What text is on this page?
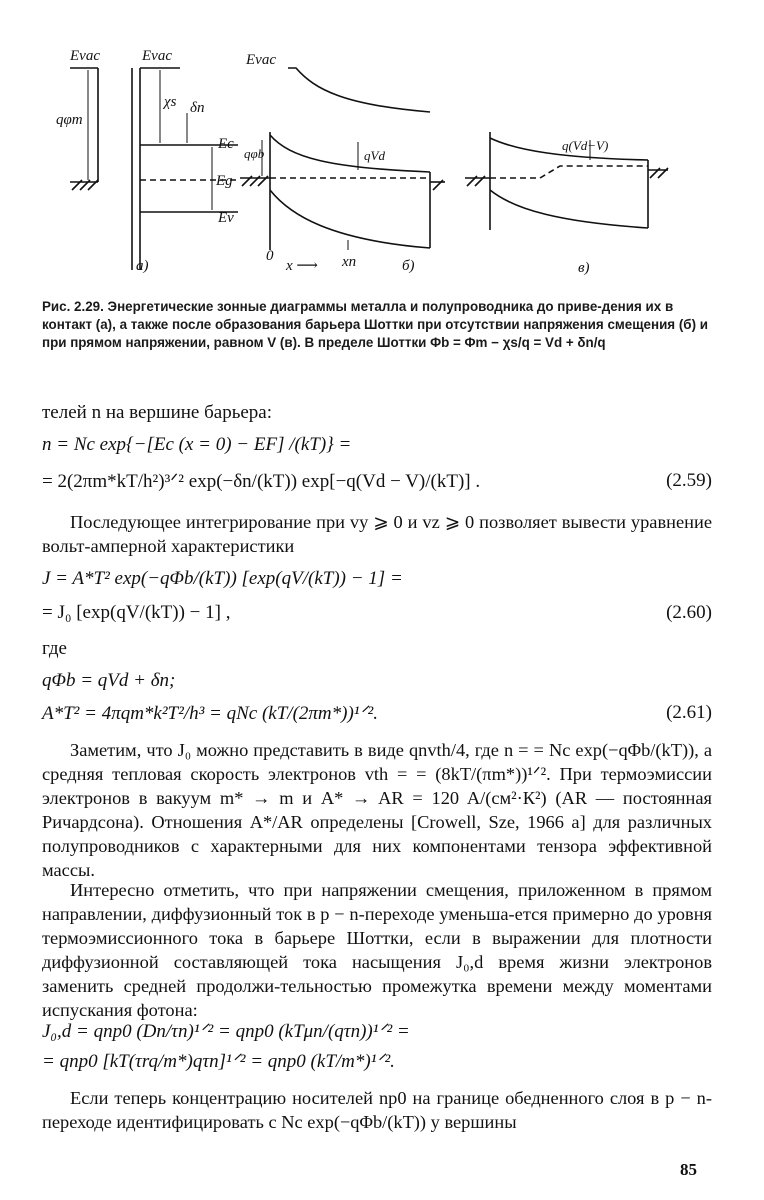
Evac	Evac	Evac
qφm
χs δn
Ec
Eg
Ev
qφb	qVd
q(Vd−V)
0
x ⟶ xn
a)	б)	в)
Рис. 2.29. Энергетические зонные диаграммы металла и полупроводника до приве-дения их в контакт (а), а также после образования барьера Шоттки при отсутствии напряжения смещения (б) и при прямом напряжении, равном V (в). В пределе Шоттки Φb = Φm − χs/q = Vd + δn/q
телей n на вершине барьера:
n = Nc exp{−[Ec (x = 0) − EF] /(kT)} =
= 2(2πm*kT/h²)³ᐟ² exp(−δn/(kT)) exp[−q(Vd − V)/(kT)] .	(2.59)
Последующее интегрирование при vy ⩾ 0 и vz ⩾ 0 позволяет вывести уравнение вольт-амперной характеристики
J = A*T² exp(−qΦb/(kT)) [exp(qV/(kT)) − 1] =
= J₀ [exp(qV/(kT)) − 1] ,	(2.60)
где
qΦb = qVd + δn;
A*T² = 4πqm*k²T²/h³ = qNc (kT/(2πm*))¹ᐟ².	(2.61)
Заметим, что J₀ можно представить в виде qnvth/4, где n = = Nc exp(−qΦb/(kT)), а средняя тепловая скорость электронов vth = = (8kT/(πm*))¹ᐟ². При термоэмиссии электронов в вакуум m* → m и A* → AR = 120 A/(см²·К²) (AR — постоянная Ричардсона). Отношения A*/AR определены [Crowell, Sze, 1966 a] для различных полупроводников с характерными для них компонентами тензора эффективной массы.
Интересно отметить, что при напряжении смещения, приложенном в прямом направлении, диффузионный ток в p − n-переходе уменьша-ется примерно до уровня термоэмиссионного тока в барьере Шоттки, если в выражении для плотности диффузионной составляющей тока насыщения J₀,d время жизни электронов заменить средней продолжи-тельностью промежутка времени между моментами испускания фотона:
J₀,d = qnp0 (Dn/τn)¹ᐟ² = qnp0 (kTμn/(qτn))¹ᐟ² =
= qnp0 [kT(τrq/m*)qτn]¹ᐟ² = qnp0 (kT/m*)¹ᐟ².
Если теперь концентрацию носителей np0 на границе обедненного слоя в p − n-переходе идентифицировать с Nc exp(−qΦb/(kT)) у вершины
85
